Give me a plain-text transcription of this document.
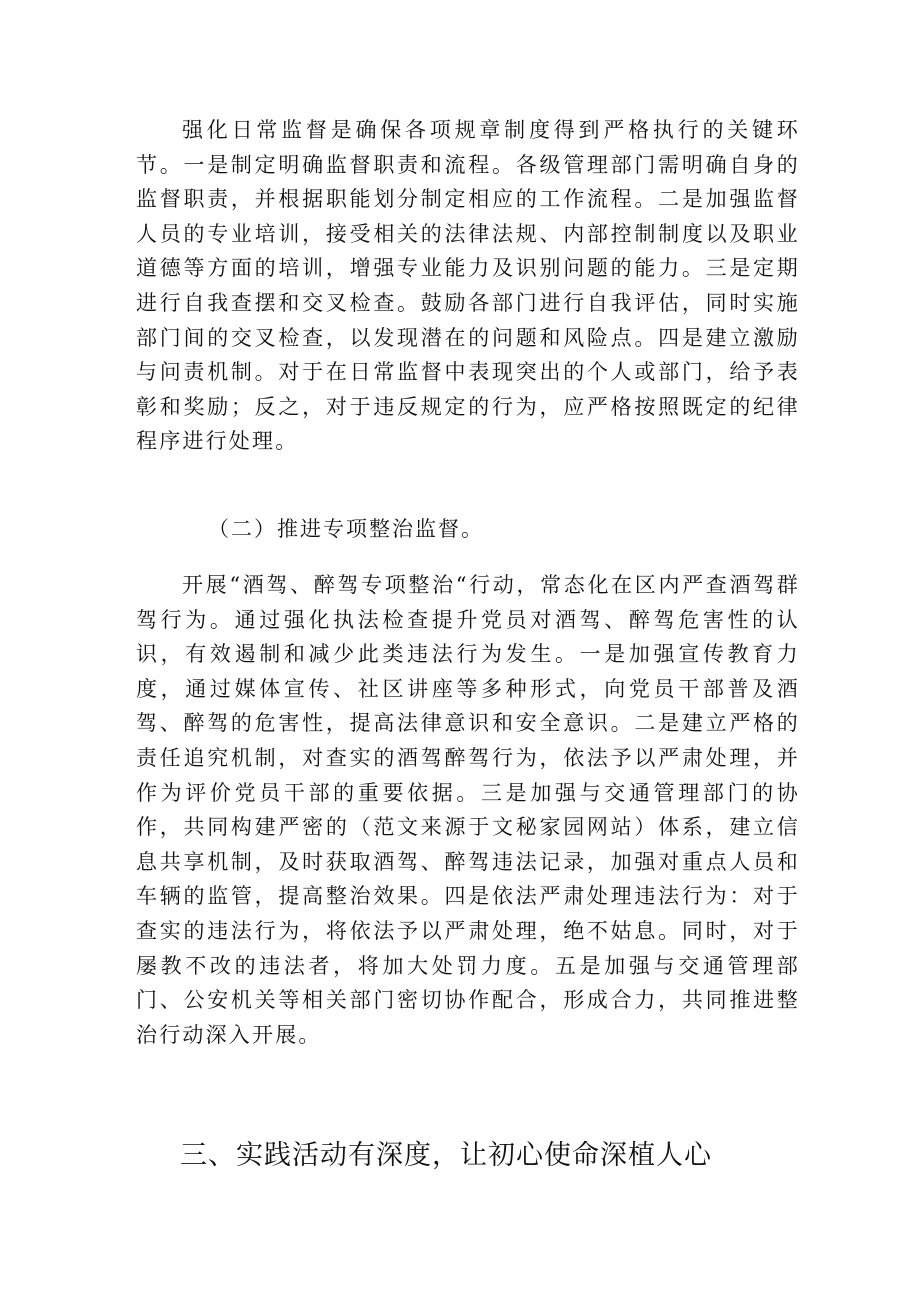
强化日常监督是确保各项规章制度得到严格执行的关键环节。一是制定明确监督职责和流程。各级管理部门需明确自身的监督职责，并根据职能划分制定相应的工作流程。二是加强监督人员的专业培训，接受相关的法律法规、内部控制制度以及职业道德等方面的培训，增强专业能力及识别问题的能力。三是定期进行自我查摆和交叉检查。鼓励各部门进行自我评估，同时实施部门间的交叉检查，以发现潜在的问题和风险点。四是建立激励与问责机制。对于在日常监督中表现突出的个人或部门，给予表彰和奖励；反之，对于违反规定的行为，应严格按照既定的纪律程序进行处理。

（二）推进专项整治监督。

开展“酒驾、醉驾专项整治“行动，常态化在区内严查酒驾群驾行为。通过强化执法检查提升党员对酒驾、醉驾危害性的认识，有效遏制和减少此类违法行为发生。一是加强宣传教育力度，通过媒体宣传、社区讲座等多种形式，向党员干部普及酒驾、醉驾的危害性，提高法律意识和安全意识。二是建立严格的责任追究机制，对查实的酒驾醉驾行为，依法予以严肃处理，并作为评价党员干部的重要依据。三是加强与交通管理部门的协作，共同构建严密的（范文来源于文秘家园网站）体系，建立信息共享机制，及时获取酒驾、醉驾违法记录，加强对重点人员和车辆的监管，提高整治效果。四是依法严肃处理违法行为：对于查实的违法行为，将依法予以严肃处理，绝不姑息。同时，对于屡教不改的违法者，将加大处罚力度。五是加强与交通管理部门、公安机关等相关部门密切协作配合，形成合力，共同推进整治行动深入开展。

三、实践活动有深度，让初心使命深植人心
